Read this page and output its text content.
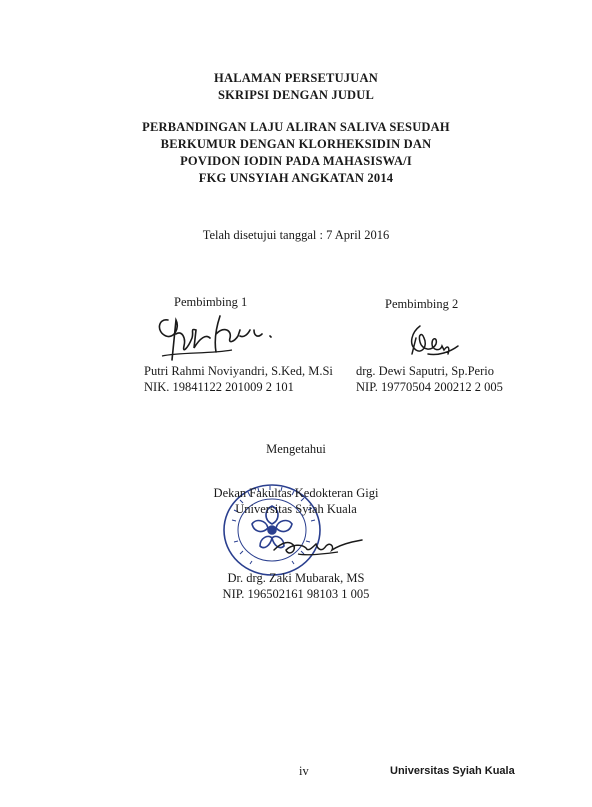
HALAMAN PERSETUJUAN
SKRIPSI DENGAN JUDUL
PERBANDINGAN LAJU ALIRAN SALIVA SESUDAH
BERKUMUR DENGAN KLORHEKSIDIN DAN
POVIDON IODIN PADA MAHASISWA/I
FKG UNSYIAH ANGKATAN 2014
Telah disetujui tanggal : 7 April 2016
Pembimbing 1
Putri Rahmi Noviyandri, S.Ked, M.Si
NIK. 19841122 201009 2 101
Pembimbing 2
drg. Dewi Saputri, Sp.Perio
NIP. 19770504 200212 2 005
Mengetahui
Dekan Fakultas Kedokteran Gigi
Universitas Syiah Kuala
Dr. drg. Zaki Mubarak, MS
NIP. 196502161 98103 1 005
iv	Universitas Syiah Kuala
